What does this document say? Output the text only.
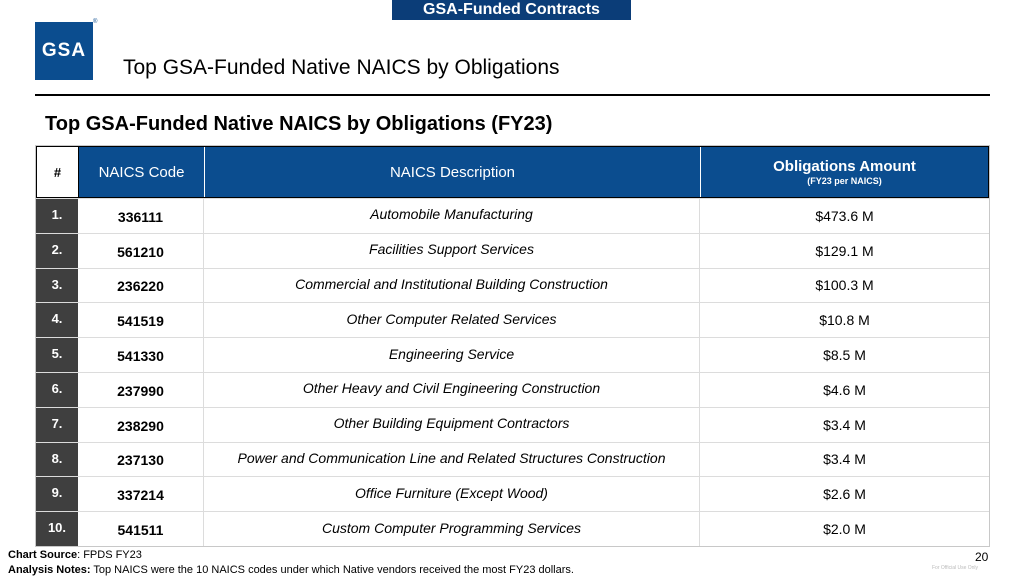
GSA-Funded Contracts
GSA
®
Top GSA-Funded Native NAICS by Obligations
Top GSA-Funded Native NAICS by Obligations (FY23)
#	NAICS Code	NAICS Description	Obligations Amount
(FY23 per NAICS)
1.	336111	Automobile Manufacturing	$473.6 M
2.	561210	Facilities Support Services	$129.1 M
3.	236220	Commercial and Institutional Building Construction	$100.3 M
4.	541519	Other Computer Related Services	$10.8 M
5.	541330	Engineering Service	$8.5 M
6.	237990	Other Heavy and Civil Engineering Construction	$4.6 M
7.	238290	Other Building Equipment Contractors	$3.4 M
8.	237130	Power and Communication Line and Related Structures Construction	$3.4 M
9.	337214	Office Furniture (Except Wood)	$2.6 M
10.	541511	Custom Computer Programming Services	$2.0 M
Chart Source: FPDS FY23
Analysis Notes: Top NAICS were the 10 NAICS codes under which Native vendors received the most FY23 dollars.
20
For Official Use Only
